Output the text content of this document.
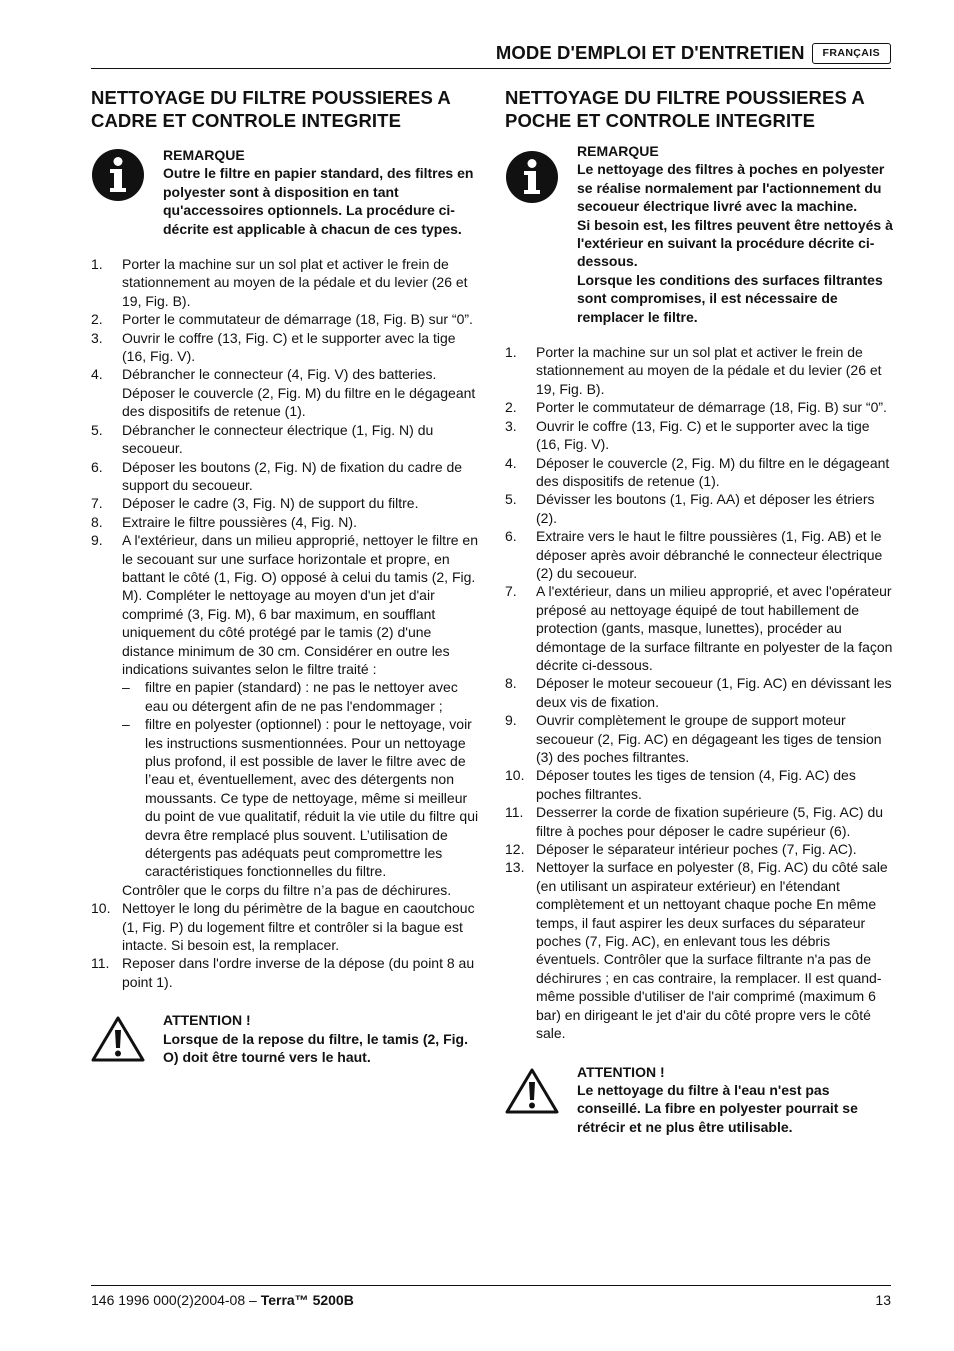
MODE D'EMPLOI ET D'ENTRETIEN	FRANÇAIS
NETTOYAGE DU FILTRE POUSSIERES A CADRE ET CONTROLE INTEGRITE
REMARQUE
Outre le filtre en papier standard, des filtres en polyester sont à disposition en tant qu'accessoires optionnels. La procédure ci-décrite est applicable à chacun de ces types.
1.	Porter la machine sur un sol plat et activer le frein de stationnement au moyen de la pédale et du levier (26 et 19, Fig. B).
2.	Porter le commutateur de démarrage (18, Fig. B) sur “0”.
3.	Ouvrir le coffre (13, Fig. C) et le supporter avec la tige (16, Fig. V).
4.	Débrancher le connecteur (4, Fig. V) des batteries. Déposer le couvercle (2, Fig. M) du filtre en le dégageant des dispositifs de retenue (1).
5.	Débrancher le connecteur électrique (1, Fig. N) du secoueur.
6.	Déposer les boutons (2, Fig. N) de fixation du cadre de support du secoueur.
7.	Déposer le cadre (3, Fig. N) de support du filtre.
8.	Extraire le filtre poussières (4, Fig. N).
9.	A l'extérieur, dans un milieu approprié, nettoyer le filtre en le secouant sur une surface horizontale et propre, en battant le côté (1, Fig. O) opposé à celui du tamis (2, Fig. M). Compléter le nettoyage au moyen d'un jet d'air comprimé (3, Fig. M), 6 bar maximum, en soufflant uniquement du côté protégé par le tamis (2) d'une distance minimum de 30 cm. Considérer en outre les indications suivantes selon le filtre traité :
–	filtre en papier (standard) : ne pas le nettoyer avec eau ou détergent afin de ne pas l'endommager ;
–	filtre en polyester (optionnel) : pour le nettoyage, voir les instructions susmentionnées. Pour un nettoyage plus profond, il est possible de laver le filtre avec de l’eau et, éventuellement, avec des détergents non moussants. Ce type de nettoyage, même si meilleur du point de vue qualitatif, réduit la vie utile du filtre qui devra être remplacé plus souvent. L’utilisation de détergents pas adéquats peut compromettre les caractéristiques fonctionnelles du filtre.
Contrôler que le corps du filtre n’a pas de déchirures.
10. Nettoyer le long du périmètre de la bague en caoutchouc (1, Fig. P) du logement filtre et contrôler si la bague est intacte. Si besoin est, la remplacer.
11. Reposer dans l'ordre inverse de la dépose (du point 8 au point 1).
ATTENTION !
Lorsque de la repose du filtre, le tamis (2, Fig. O) doit être tourné vers le haut.
NETTOYAGE DU FILTRE POUSSIERES A POCHE ET CONTROLE INTEGRITE
REMARQUE
Le nettoyage des filtres à poches en polyester se réalise normalement par l'actionnement du secoueur électrique livré avec la machine.
Si besoin est, les filtres peuvent être nettoyés à l'extérieur en suivant la procédure décrite ci-dessous.
Lorsque les conditions des surfaces filtrantes sont compromises, il est nécessaire de remplacer le filtre.
1.	Porter la machine sur un sol plat et activer le frein de stationnement au moyen de la pédale et du levier (26 et 19, Fig. B).
2.	Porter le commutateur de démarrage (18, Fig. B) sur “0”.
3.	Ouvrir le coffre (13, Fig. C) et le supporter avec la tige (16, Fig. V).
4.	Déposer le couvercle (2, Fig. M) du filtre en le dégageant des dispositifs de retenue (1).
5.	Dévisser les boutons (1, Fig. AA) et déposer les étriers (2).
6.	Extraire vers le haut le filtre poussières (1, Fig. AB) et le déposer après avoir débranché le connecteur électrique (2) du secoueur.
7.	A l'extérieur, dans un milieu approprié, et avec l'opérateur préposé au nettoyage équipé de tout habillement de protection (gants, masque, lunettes), procéder au démontage de la surface filtrante en polyester de la façon décrite ci-dessous.
8.	Déposer le moteur secoueur (1, Fig. AC) en dévissant les deux vis de fixation.
9.	Ouvrir complètement le groupe de support moteur secoueur (2, Fig. AC) en dégageant les tiges de tension (3) des poches filtrantes.
10. Déposer toutes les tiges de tension (4, Fig. AC) des poches filtrantes.
11. Desserrer la corde de fixation supérieure (5, Fig. AC) du filtre à poches pour déposer le cadre supérieur (6).
12. Déposer le séparateur intérieur poches (7, Fig. AC).
13. Nettoyer la surface en polyester (8, Fig. AC) du côté sale (en utilisant un aspirateur extérieur) en l'étendant complètement et un nettoyant chaque poche En même temps, il faut aspirer les deux surfaces du séparateur poches (7, Fig. AC), en enlevant tous les débris éventuels. Contrôler que la surface filtrante n'a pas de déchirures ; en cas contraire, la remplacer. Il est quand-même possible d'utiliser de l'air comprimé (maximum 6 bar) en dirigeant le jet d'air du côté propre vers le côté sale.
ATTENTION !
Le nettoyage du filtre à l'eau n'est pas conseillé. La fibre en polyester pourrait se rétrécir et ne plus être utilisable.
146 1996 000(2)2004-08 – Terra™ 5200B	13
